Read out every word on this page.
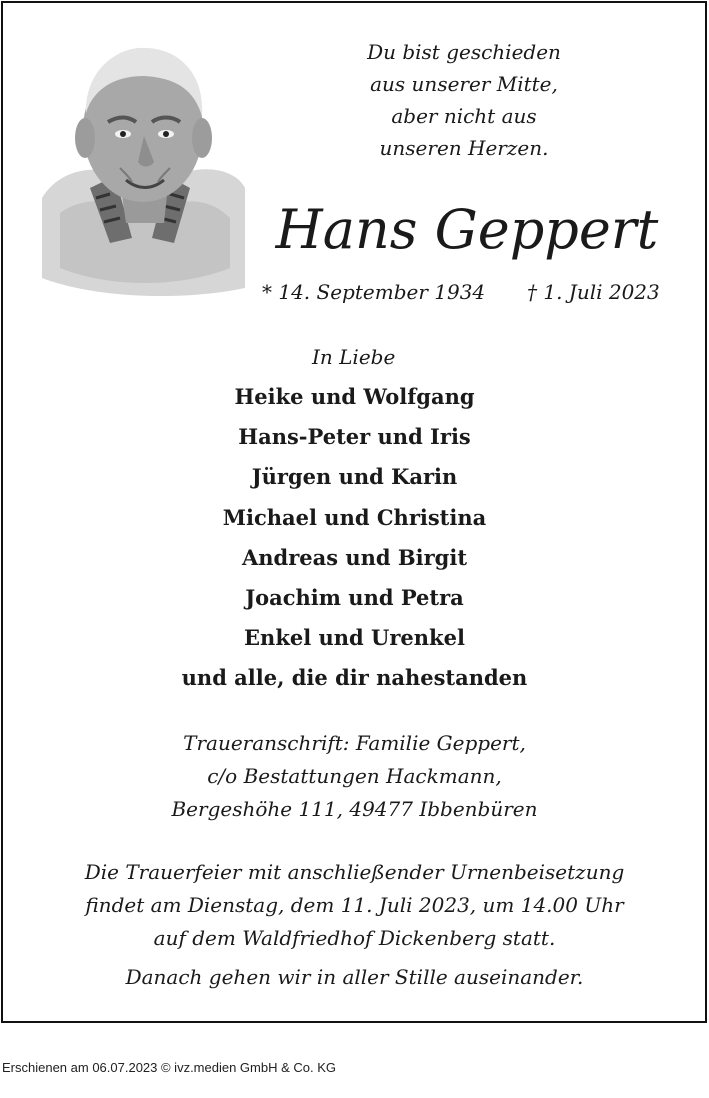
Du bist geschieden
aus unserer Mitte,
aber nicht aus
unseren Herzen.
Hans Geppert
* 14. September 1934 † 1. Juli 2023
In Liebe
Heike und Wolfgang
Hans-Peter und Iris
Jürgen und Karin
Michael und Christina
Andreas und Birgit
Joachim und Petra
Enkel und Urenkel
und alle, die dir nahestanden
Traueranschrift: Familie Geppert,
c/o Bestattungen Hackmann,
Bergeshöhe 111, 49477 Ibbenbüren
Die Trauerfeier mit anschließender Urnenbeisetzung
findet am Dienstag, dem 11. Juli 2023, um 14.00 Uhr
auf dem Waldfriedhof Dickenberg statt.
Danach gehen wir in aller Stille auseinander.
Erschienen am 06.07.2023 © ivz.medien GmbH & Co. KG
